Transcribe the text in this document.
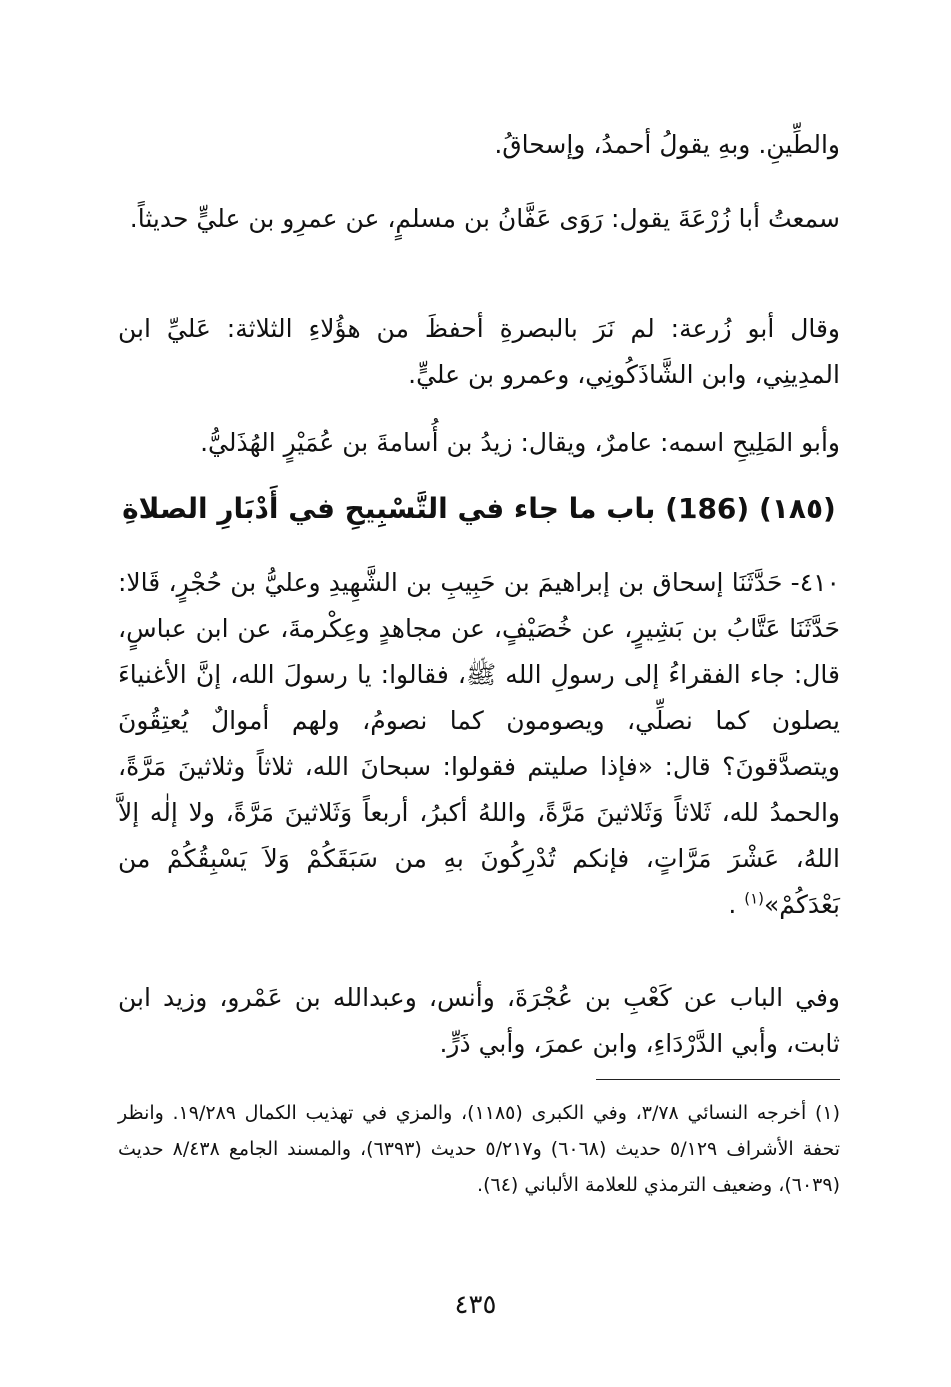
والطِّينِ. وبهِ يقولُ أحمدُ، وإسحاقُ.
سمعتُ أبا زُرْعَةَ يقول: رَوَى عَفَّانُ بن مسلمٍ، عن عمرِو بن عليٍّ حديثاً.
وقال أبو زُرعة: لم نَرَ بالبصرةِ أحفظَ من هؤُلاءِ الثلاثة: عَليِّ ابن المدِينِي، وابن الشَّاذَكُونِي، وعمرو بن عليٍّ.
وأبو المَلِيحِ اسمه: عامرٌ، ويقال: زيدُ بن أُسامةَ بن عُمَيْرٍ الهُذَليُّ.
(١٨٥) (186) باب ما جاء في التَّسْبِيحِ في أَدْبَارِ الصلاةِ
٤١٠- حَدَّثَنَا إسحاق بن إبراهيمَ بن حَبِيبِ بن الشَّهِيدِ وعليُّ بن حُجْرٍ، قَالا: حَدَّثَنَا عَتَّابُ بن بَشِيرٍ، عن خُصَيْفٍ، عن مجاهدٍ وعِكْرمةَ، عن ابن عباسٍ، قال: جاء الفقراءُ إلى رسولِ الله ﷺ، فقالوا: يا رسولَ الله، إنَّ الأغنياءَ يصلون كما نصلِّي، ويصومون كما نصومُ، ولهم أموالٌ يُعتِقُونَ ويتصدَّقونَ؟ قال: «فإذا صليتم فقولوا: سبحانَ الله، ثلاثاً وثلاثينَ مَرَّةً، والحمدُ لله، ثَلاثاً وَثَلاثينَ مَرَّةً، واللهُ أكبرُ، أربعاً وَثَلاثينَ مَرَّةً، ولا إلٰه إلاَّ اللهُ، عَشْرَ مَرَّاتٍ، فإنكم تُدْرِكُونَ بهِ من سَبَقَكُمْ وَلاَ يَسْبِقُكُمْ من بَعْدَكُمْ»$^{(١)}$ .
وفي الباب عن كَعْبِ بن عُجْرَةَ، وأنس، وعبدالله بن عَمْرو، وزيد ابن ثابت، وأبي الدَّرْدَاءِ، وابن عمرَ، وأبي ذَرٍّ.
(١) أخرجه النسائي ٣/٧٨، وفي الكبرى (١١٨٥)، والمزي في تهذيب الكمال ١٩/٢٨٩. وانظر تحفة الأشراف ٥/١٢٩ حديث (٦٠٦٨) و٥/٢١٧ حديث (٦٣٩٣)، والمسند الجامع ٨/٤٣٨ حديث (٦٠٣٩)، وضعيف الترمذي للعلامة الألباني (٦٤).
٤٣٥
